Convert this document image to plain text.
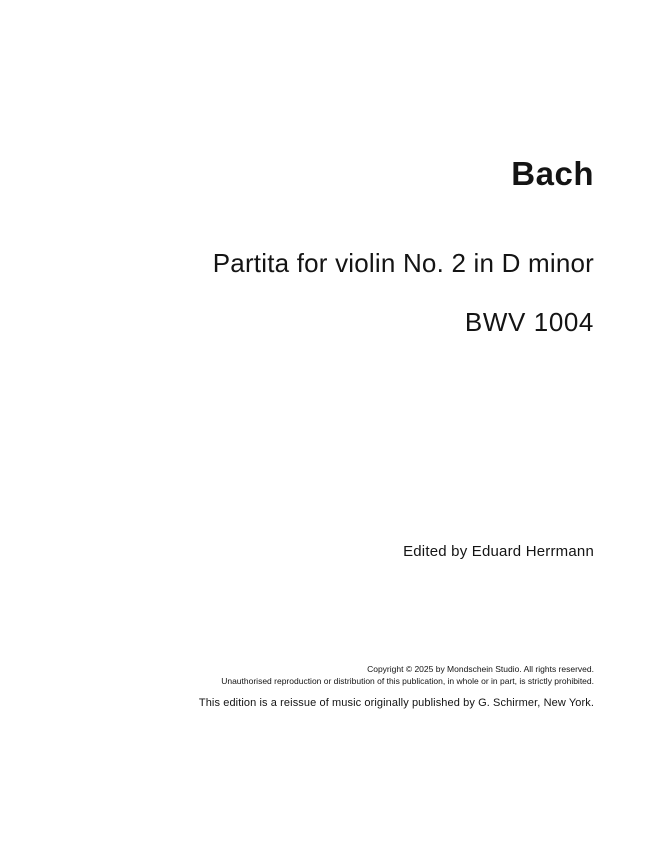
Bach
Partita for violin No. 2 in D minor
BWV 1004
Edited by Eduard Herrmann
Copyright © 2025 by Mondschein Studio. All rights reserved.
Unauthorised reproduction or distribution of this publication, in whole or in part, is strictly prohibited.
This edition is a reissue of music originally published by G. Schirmer, New York.
